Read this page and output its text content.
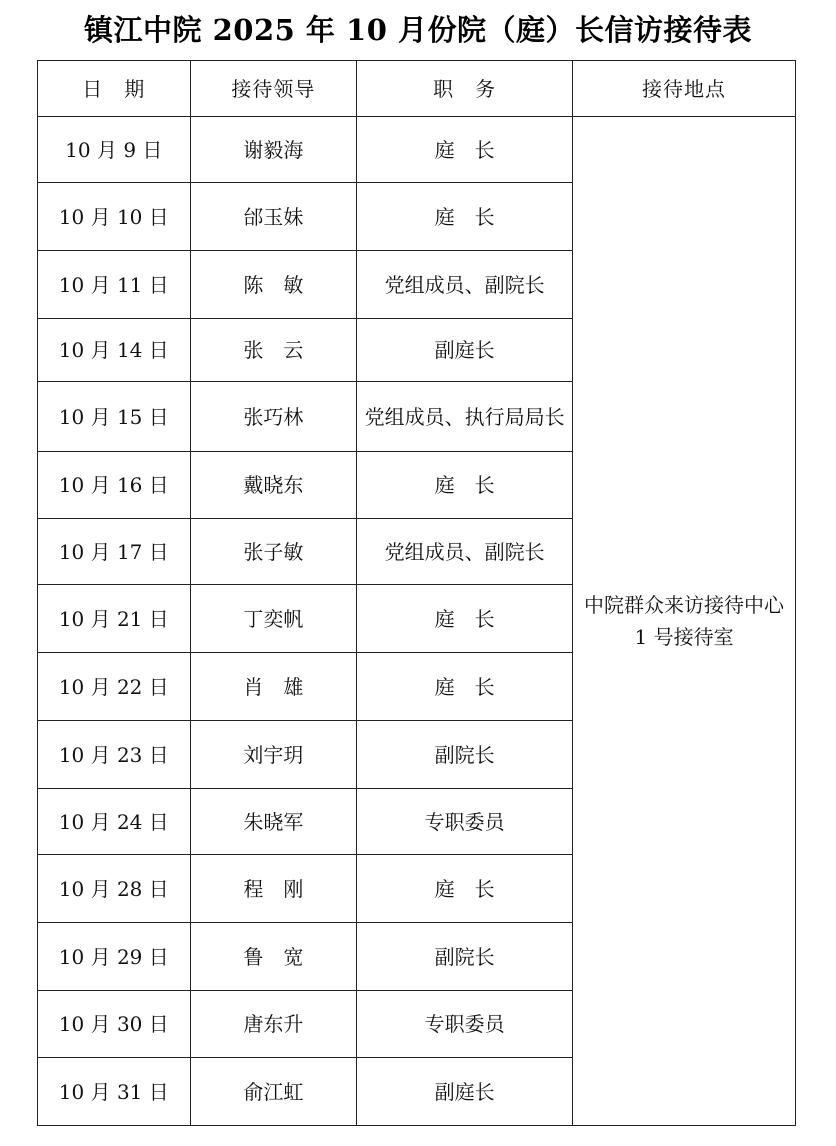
镇江中院 2025 年 10 月份院（庭）长信访接待表
日　期	接待领导	职　务	接待地点
10 月 9 日	谢毅海	庭　长	中院群众来访接待中心 1 号接待室
10 月 10 日	邰玉妹	庭　长	
10 月 11 日	陈　敏	党组成员、副院长	
10 月 14 日	张　云	副庭长	
10 月 15 日	张巧林	党组成员、执行局局长	
10 月 16 日	戴晓东	庭　长	
10 月 17 日	张子敏	党组成员、副院长	
10 月 21 日	丁奕帆	庭　长	
10 月 22 日	肖　雄	庭　长	
10 月 23 日	刘宇玥	副院长	
10 月 24 日	朱晓军	专职委员	
10 月 28 日	程　刚	庭　长	
10 月 29 日	鲁　宽	副院长	
10 月 30 日	唐东升	专职委员	
10 月 31 日	俞江虹	副庭长	
